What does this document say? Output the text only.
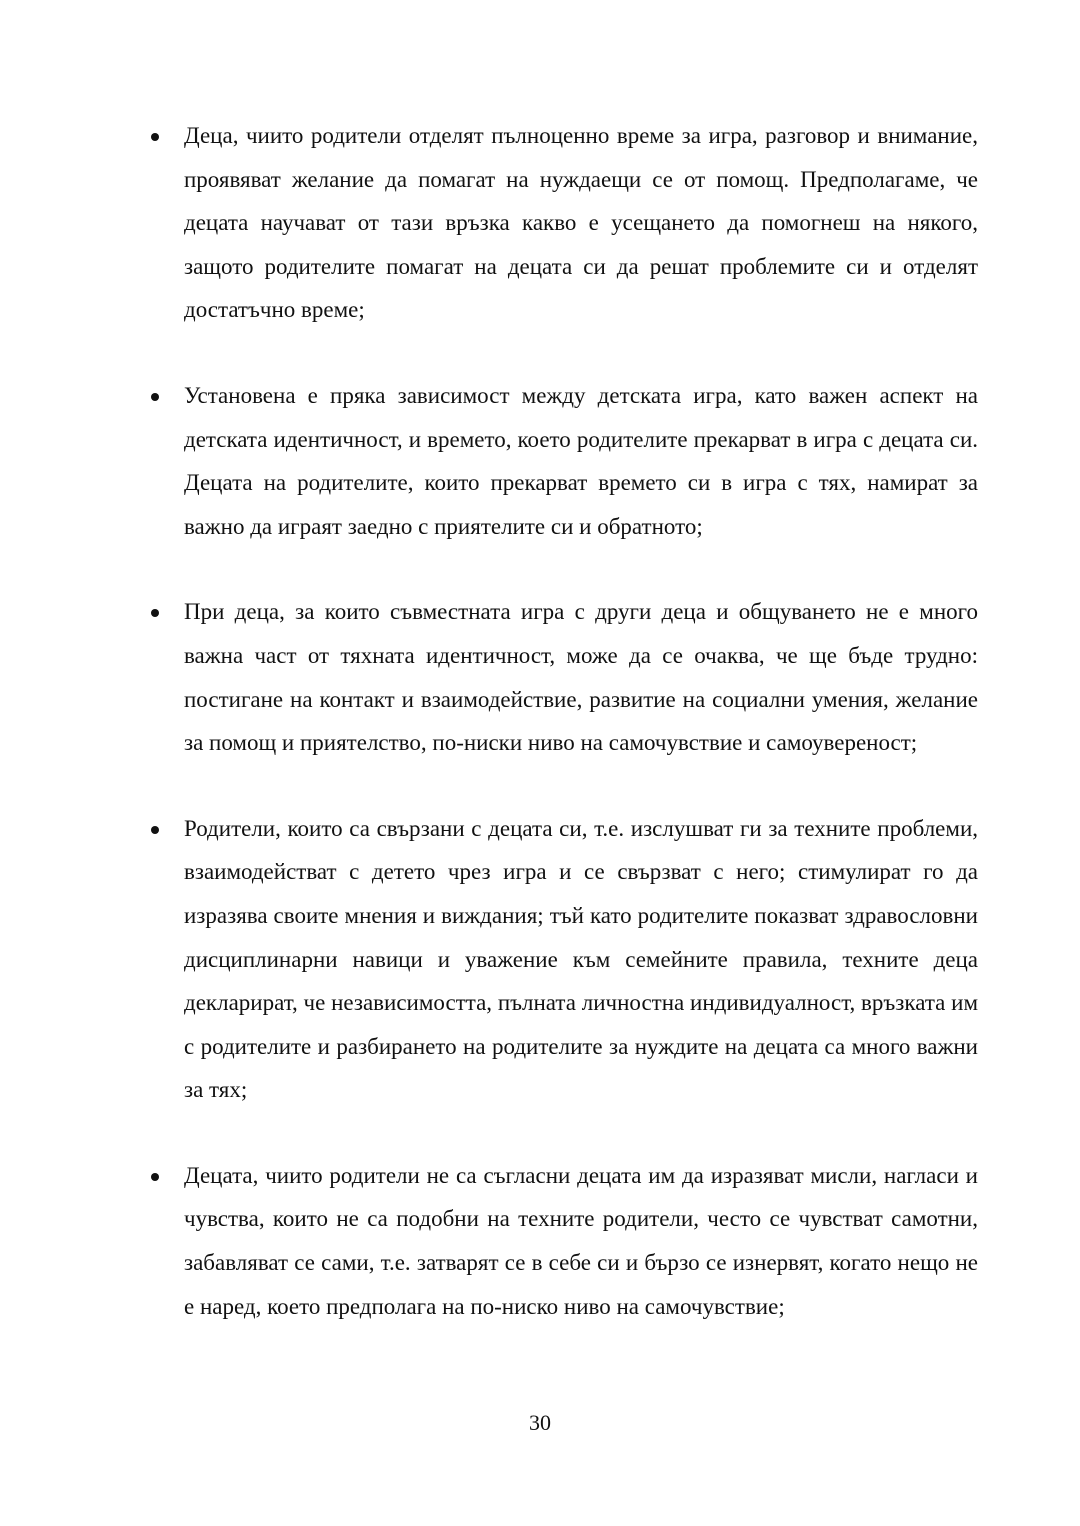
Деца, чиито родители отделят пълноценно време за игра, разговор и внимание, проявяват желание да помагат на нуждаещи се от помощ. Предполагаме, че децата научават от тази връзка какво е усещането да помогнеш на някого, защото родителите помагат на децата си да решат проблемите си и отделят достатъчно време;
Установена е пряка зависимост между детската игра, като важен аспект на детската идентичност, и времето, което родителите прекарват в игра с децата си. Децата на родителите, които прекарват времето си в игра с тях, намират за важно да играят заедно с приятелите си и обратното;
При деца, за които съвместната игра с други деца и общуването не е много важна част от тяхната идентичност, може да се очаква, че ще бъде трудно: постигане на контакт и взаимодействие, развитие на социални умения, желание за помощ и приятелство, по-ниски ниво на самочувствие и самоувереност;
Родители, които са свързани с децата си, т.е. изслушват ги за техните проблеми, взаимодействат с детето чрез игра и се свързват с него; стимулират го да изразява своите мнения и виждания; тъй като родителите показват здравословни дисциплинарни навици и уважение към семейните правила, техните деца декларират, че независимостта, пълната личностна индивидуалност, връзката им с родителите и разбирането на родителите за нуждите на децата са много важни за тях;
Децата, чиито родители не са съгласни децата им да изразяват мисли, нагласи и чувства, които не са подобни на техните родители, често се чувстват самотни, забавляват се сами, т.е. затварят се в себе си и бързо се изнервят, когато нещо не е наред, което предполага на по-ниско ниво на самочувствие;
30
